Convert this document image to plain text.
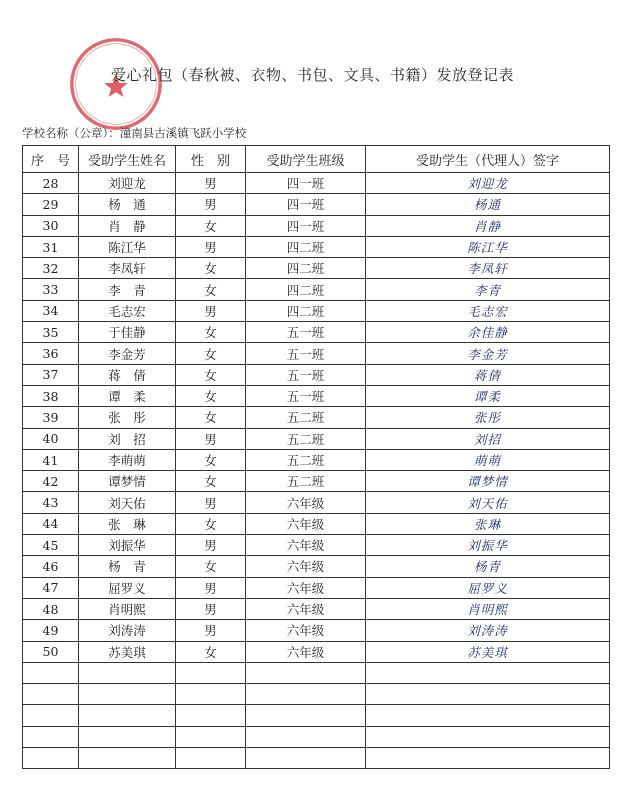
爱心礼包（春秋被、衣物、书包、文具、书籍）发放登记表
学校名称（公章）：潼南县古溪镇飞跃小学校
序　号	受助学生姓名	性　别	受助学生班级	受助学生（代理人）签字
28	刘迎龙	男	四一班	刘迎龙
29	杨　通	男	四一班	杨通
30	肖　静	女	四一班	肖静
31	陈江华	男	四二班	陈江华
32	李凤轩	女	四二班	李凤轩
33	李　青	女	四二班	李青
34	毛志宏	男	四二班	毛志宏
35	于佳静	女	五一班	余佳静
36	李金芳	女	五一班	李金芳
37	蒋　倩	女	五一班	蒋倩
38	谭　柔	女	五一班	谭柔
39	张　彤	女	五二班	张彤
40	刘　招	男	五二班	刘招
41	李萌萌	女	五二班	萌萌
42	谭梦情	女	五二班	谭梦情
43	刘天佑	男	六年级	刘天佑
44	张　琳	女	六年级	张琳
45	刘振华	男	六年级	刘振华
46	杨　青	女	六年级	杨青
47	屈罗义	男	六年级	屈罗义
48	肖明熙	男	六年级	肖明熙
49	刘涛涛	男	六年级	刘涛涛
50	苏美琪	女	六年级	苏美琪
